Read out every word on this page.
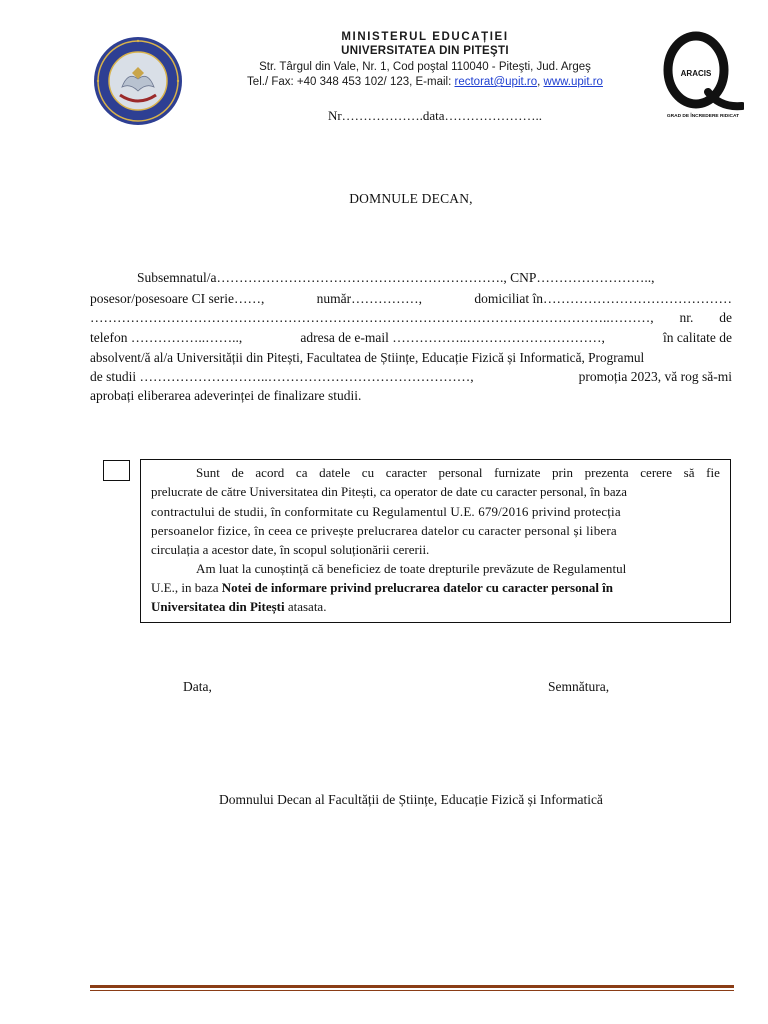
ARACIS
GRAD DE ÎNCREDERE RIDICAT
MINISTERUL EDUCAȚIEI
UNIVERSITATEA DIN PITEŞTI
Str. Târgul din Vale, Nr. 1, Cod poştal 110040 - Piteşti, Jud. Argeş
Tel./ Fax: +40 348 453 102/ 123, E-mail: rectorat@upit.ro, www.upit.ro
Nr……………….data…………………..
DOMNULE DECAN,
Subsemnatul/a………………………………………………………., CNP……………………..,
posesor/posesoare CI serie……,	număr……………,	domiciliat în……………………………………
……………………………………………………………………………………………………..………, nr. de
telefon ……………..……..,	adresa de e-mail ……………..…………………………,	în calitate de
absolvent/ă al/a Universității din Pitești, Facultatea de Științe, Educație Fizică și Informatică, Programul
de studii ………………………..………………………………………,	promoția 2023, vă rog să-mi
aprobați eliberarea adeverinței de finalizare studii.
Sunt de acord ca datele cu caracter personal furnizate prin prezenta cerere să fie
prelucrate de către Universitatea din Pitești, ca operator de date cu caracter personal, în baza
contractului de studii, în conformitate cu Regulamentul U.E. 679/2016 privind protecția
persoanelor fizice, în ceea ce privește prelucrarea datelor cu caracter personal și libera
circulația a acestor date, în scopul soluționării cererii.
Am luat la cunoștință că beneficiez de toate drepturile prevăzute de Regulamentul
U.E., in baza Notei de informare privind prelucrarea datelor cu caracter personal în
Universitatea din Pitești atasata.
Data,	Semnătura,
Domnului Decan al Facultății de Științe, Educație Fizică și Informatică
